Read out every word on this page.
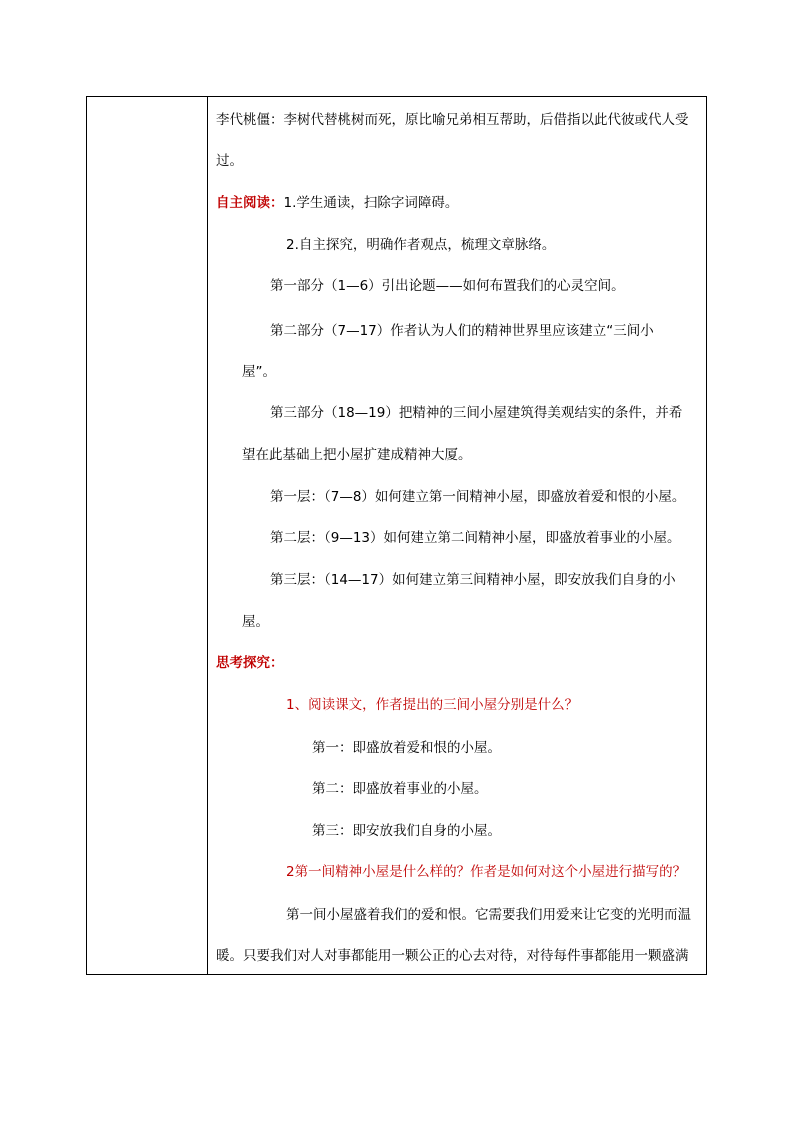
李代桃僵：李树代替桃树而死，原比喻兄弟相互帮助，后借指以此代彼或代人受
过。
自主阅读：1.学生通读，扫除字词障碍。
2.自主探究，明确作者观点，梳理文章脉络。
第一部分（1—6）引出论题——如何布置我们的心灵空间。
第二部分（7—17）作者认为人们的精神世界里应该建立“三间小
屋”。
第三部分（18—19）把精神的三间小屋建筑得美观结实的条件，并希
望在此基础上把小屋扩建成精神大厦。
第一层：（7—8）如何建立第一间精神小屋，即盛放着爱和恨的小屋。
第二层：（9—13）如何建立第二间精神小屋，即盛放着事业的小屋。
第三层：（14—17）如何建立第三间精神小屋，即安放我们自身的小
屋。
思考探究：
1、阅读课文，作者提出的三间小屋分别是什么？
第一：即盛放着爱和恨的小屋。
第二：即盛放着事业的小屋。
第三：即安放我们自身的小屋。
2第一间精神小屋是什么样的？作者是如何对这个小屋进行描写的？
第一间小屋盛着我们的爱和恨。它需要我们用爱来让它变的光明而温
暖。只要我们对人对事都能用一颗公正的心去对待，对待每件事都能用一颗盛满
